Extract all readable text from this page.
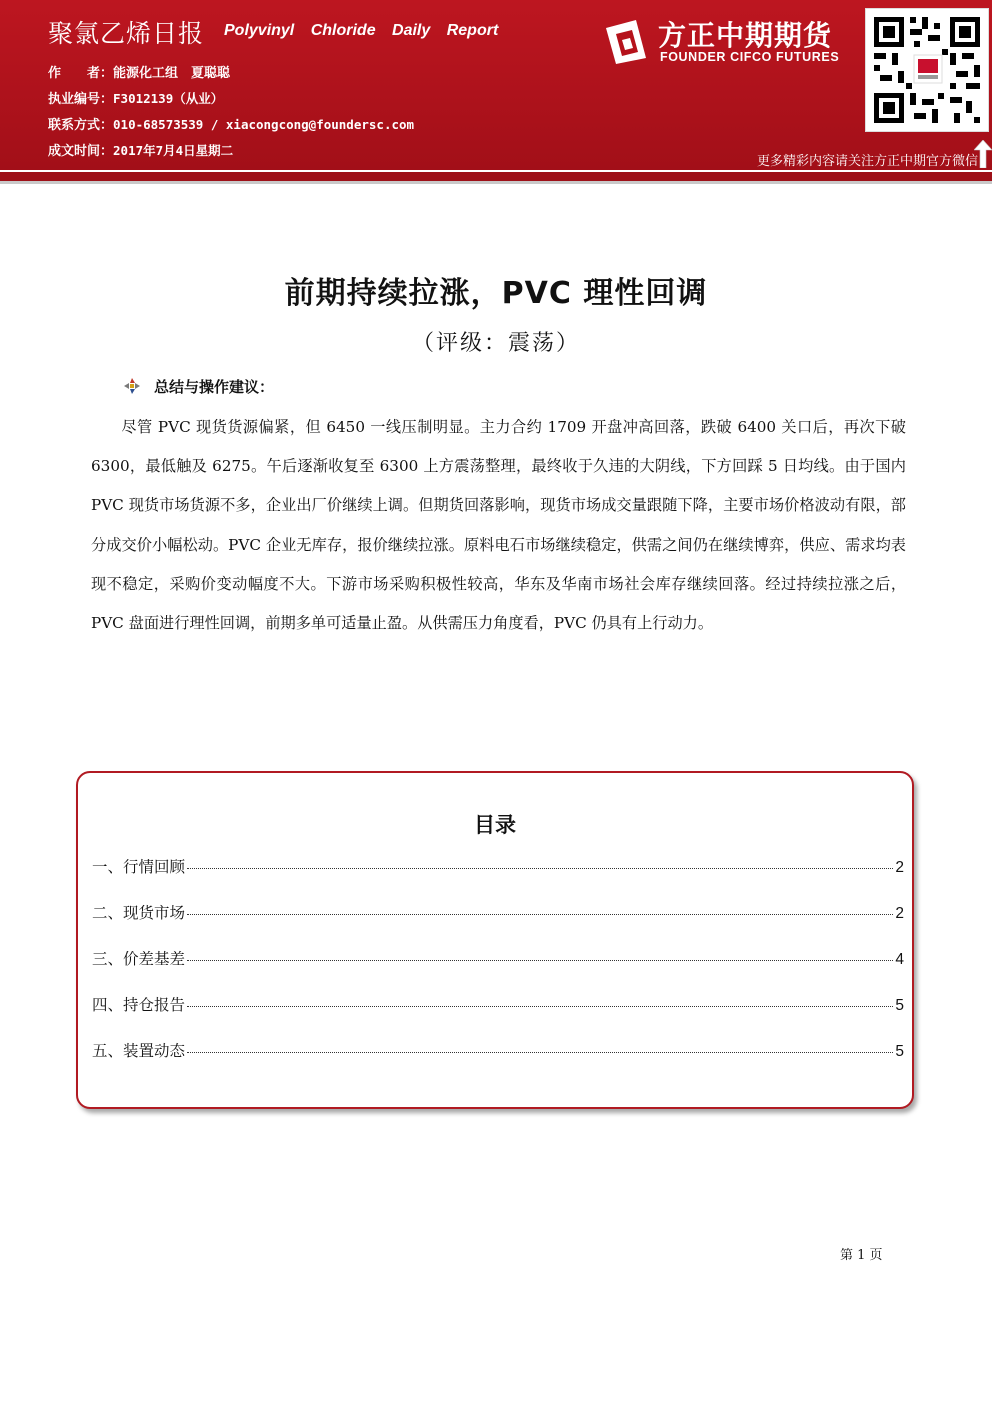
聚氯乙烯日报 Polyvinyl Chloride Daily Report
作　　者：能源化工组　夏聪聪
执业编号：F3012139（从业）
联系方式：010-68573539 / xiacongcong@foundersc.com
成文时间：2017年7月4日星期二
方正中期期货
FOUNDER CIFCO FUTURES
更多精彩内容请关注方正中期官方微信
前期持续拉涨，PVC 理性回调
（评级：震荡）
总结与操作建议：

尽管 PVC 现货货源偏紧，但 6450 一线压制明显。主力合约 1709 开盘冲高回落，跌破 6400 关口后，再次下破 6300，最低触及 6275。午后逐渐收复至 6300 上方震荡整理，最终收于久违的大阴线，下方回踩 5 日均线。由于国内 PVC 现货市场货源不多，企业出厂价继续上调。但期货回落影响，现货市场成交量跟随下降，主要市场价格波动有限，部分成交价小幅松动。PVC 企业无库存，报价继续拉涨。原料电石市场继续稳定，供需之间仍在继续博弈，供应、需求均表现不稳定，采购价变动幅度不大。下游市场采购积极性较高，华东及华南市场社会库存继续回落。经过持续拉涨之后，PVC 盘面进行理性回调，前期多单可适量止盈。从供需压力角度看，PVC 仍具有上行动力。

目录
一、行情回顾	2
二、现货市场	2
三、价差基差	4
四、持仓报告	5
五、装置动态	5
第 1 页
